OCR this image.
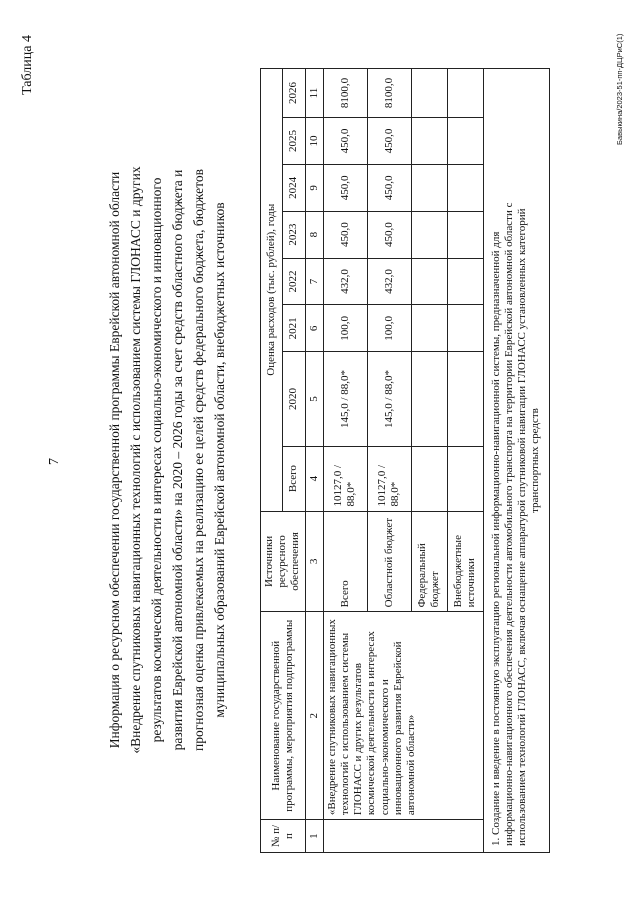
7
Таблица 4
Информация о ресурсном обеспечении государственной программы Еврейской автономной области «Внедрение спутниковых навигационных технологий с использованием системы ГЛОНАСС и других результатов космической деятельности в интересах социально-экономического и инновационного развития Еврейской автономной области» на 2020 – 2026 годы за счет средств областного бюджета и прогнозная оценка привлекаемых на реализацию ее целей средств федерального бюджета, бюджетов муниципальных образований Еврейской автономной области, внебюджетных источников
№ п/п	Наименование государственной программы, мероприятия подпрограммы	Источники ресурсного обеспечения	Оценка расходов (тыс. рублей), годы							
			Всего	2020	2021	2022	2023	2024	2025	2026
1	2	3	4	5	6	7	8	9	10	11
	«Внедрение спутниковых навигационных технологий с использованием системы ГЛОНАСС и других результатов космической деятельности в интересах социально-экономического и инновационного развития Еврейской автономной области»	Всего	10127,0 / 88,0*	145,0 / 88,0*	100,0	432,0	450,0	450,0	450,0	8100,0
		Областной бюджет	10127,0 / 88,0*	145,0 / 88,0*	100,0	432,0	450,0	450,0	450,0	8100,0
		Федеральный бюджет								
		Внебюджетные источники								

1. Создание и введение в постоянную эксплуатацию региональной информационно-навигационной системы, предназначенной для информационно-навигационного обеспечения деятельности автомобильного транспорта на территории Еврейской автономной области с использованием технологий ГЛОНАСС, включая оснащение аппаратурой спутниковой навигации ГЛОНАСС установленных категорий транспортных средств										
Бавыкина/2023-51-пп-ДЦРиС(1)
